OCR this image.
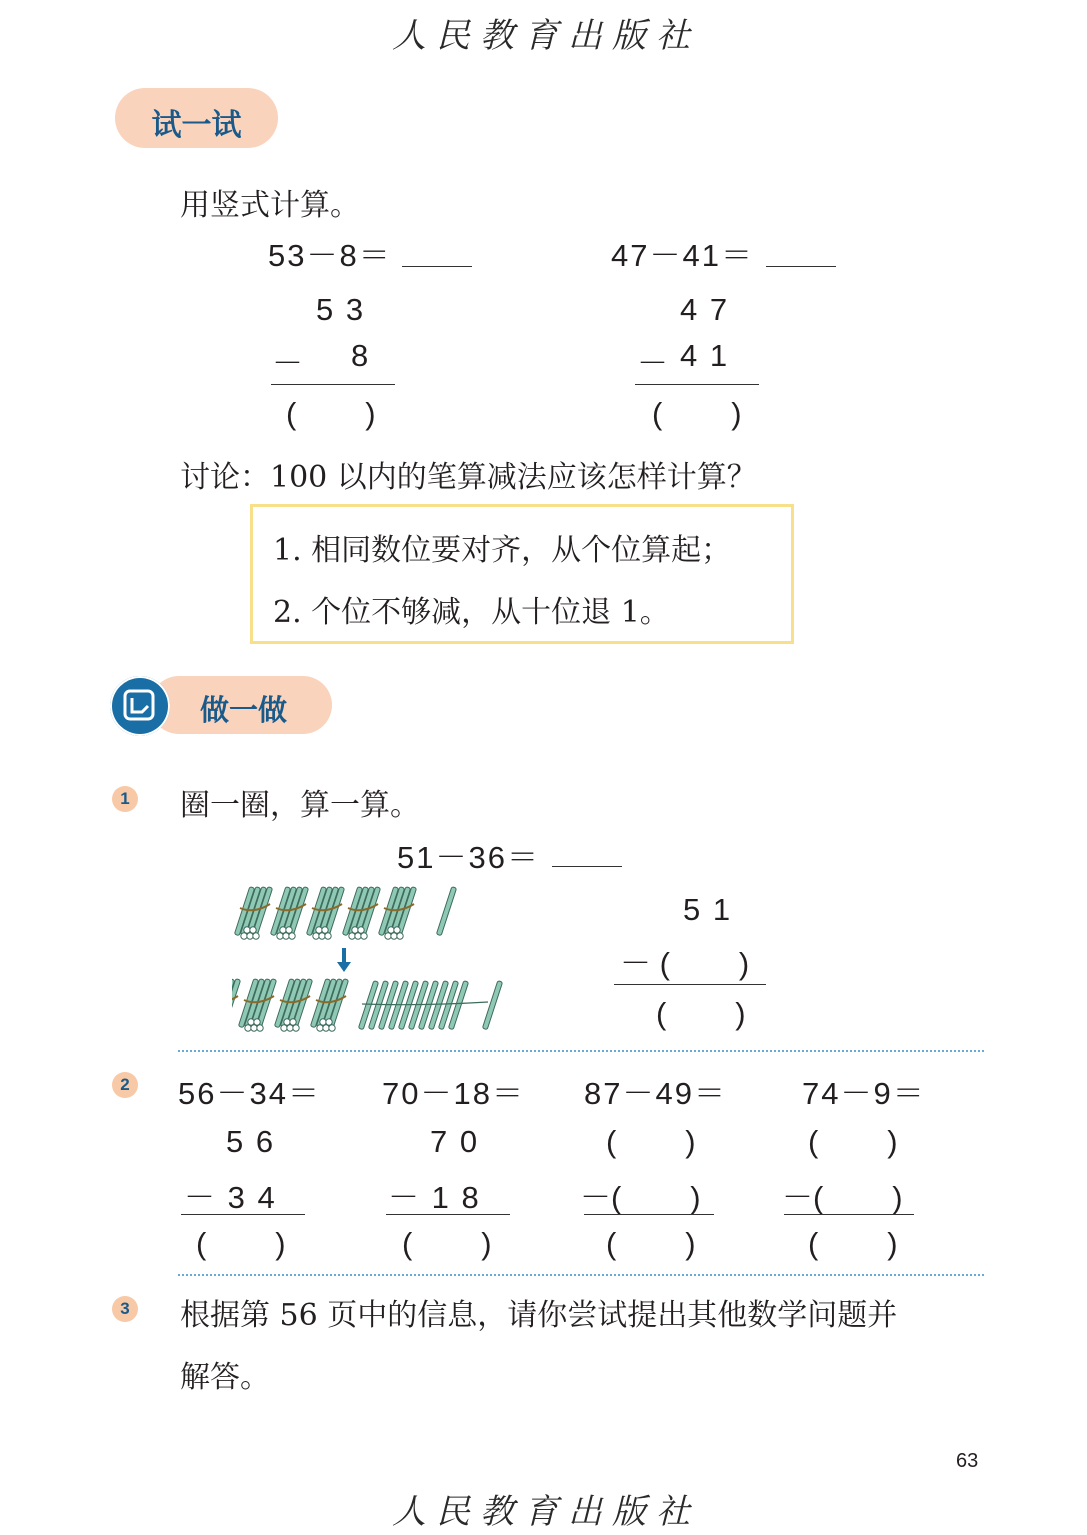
人民教育出版社
试一试
用竖式计算。
53－8＝
5 3
－ 8
(        )
47－41＝
4 7
－ 4 1
(        )
讨论：100 以内的笔算减法应该怎样计算？
1. 相同数位要对齐，从个位算起；
2. 个位不够减，从十位退 1。
做一做
1 圈一圈，算一算。
51－36＝
5 1
－ (        )
(        )
2 56－34＝
5 6
－ 3 4
(        )
70－18＝
7 0
－ 1 8
(        )
87－49＝
(        )
－(        )
(        )
74－9＝
(        )
－(        )
(        )
3 根据第 56 页中的信息，请你尝试提出其他数学问题并
解答。
63
人民教育出版社
